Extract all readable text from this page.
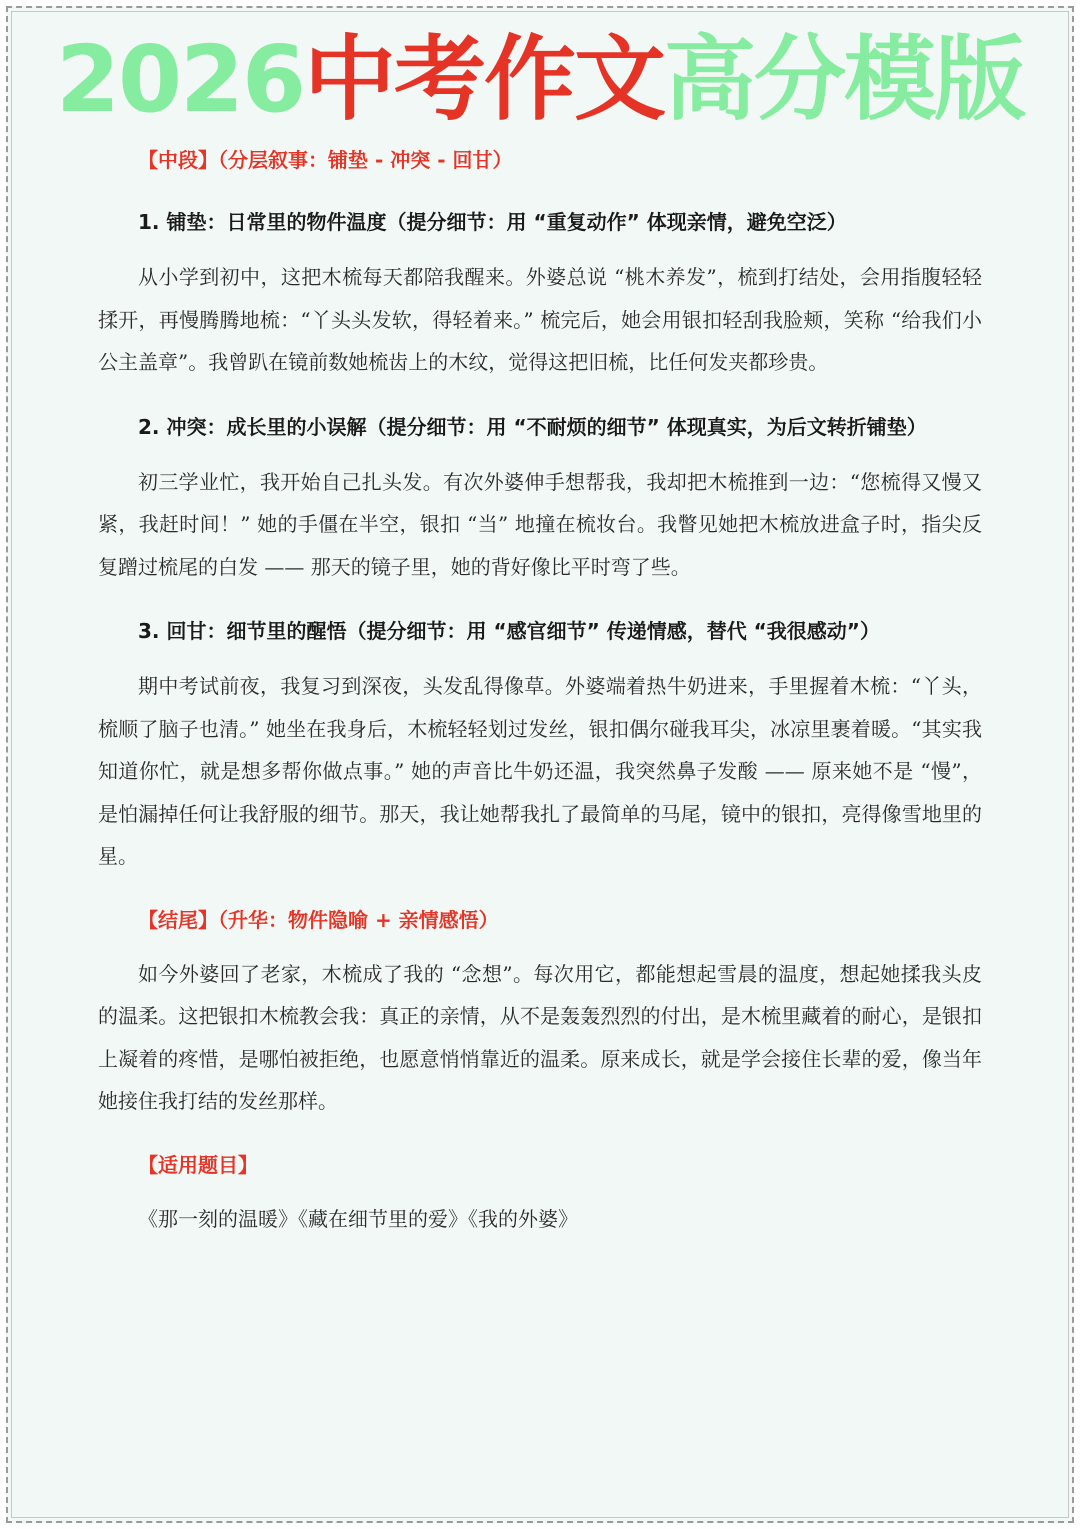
2026中考作文高分模版
【中段】（分层叙事：铺垫 - 冲突 - 回甘）

1. 铺垫：日常里的物件温度（提分细节：用 “重复动作” 体现亲情，避免空泛）

从小学到初中，这把木梳每天都陪我醒来。外婆总说 “桃木养发”，梳到打结处，会用指腹轻轻揉开，再慢腾腾地梳：“丫头头发软，得轻着来。” 梳完后，她会用银扣轻刮我脸颊，笑称 “给我们小公主盖章”。我曾趴在镜前数她梳齿上的木纹，觉得这把旧梳，比任何发夹都珍贵。

2. 冲突：成长里的小误解（提分细节：用 “不耐烦的细节” 体现真实，为后文转折铺垫）

初三学业忙，我开始自己扎头发。有次外婆伸手想帮我，我却把木梳推到一边：“您梳得又慢又紧，我赶时间！” 她的手僵在半空，银扣 “当” 地撞在梳妆台。我瞥见她把木梳放进盒子时，指尖反复蹭过梳尾的白发 —— 那天的镜子里，她的背好像比平时弯了些。

3. 回甘：细节里的醒悟（提分细节：用 “感官细节” 传递情感，替代 “我很感动”）

期中考试前夜，我复习到深夜，头发乱得像草。外婆端着热牛奶进来，手里握着木梳：“丫头，梳顺了脑子也清。” 她坐在我身后，木梳轻轻划过发丝，银扣偶尔碰我耳尖，冰凉里裹着暖。“其实我知道你忙，就是想多帮你做点事。” 她的声音比牛奶还温，我突然鼻子发酸 —— 原来她不是 “慢”，是怕漏掉任何让我舒服的细节。那天，我让她帮我扎了最简单的马尾，镜中的银扣，亮得像雪地里的星。

【结尾】（升华：物件隐喻 + 亲情感悟）

如今外婆回了老家，木梳成了我的 “念想”。每次用它，都能想起雪晨的温度，想起她揉我头皮的温柔。这把银扣木梳教会我：真正的亲情，从不是轰轰烈烈的付出，是木梳里藏着的耐心，是银扣上凝着的疼惜，是哪怕被拒绝，也愿意悄悄靠近的温柔。原来成长，就是学会接住长辈的爱，像当年她接住我打结的发丝那样。

【适用题目】

《那一刻的温暖》《藏在细节里的爱》《我的外婆》
